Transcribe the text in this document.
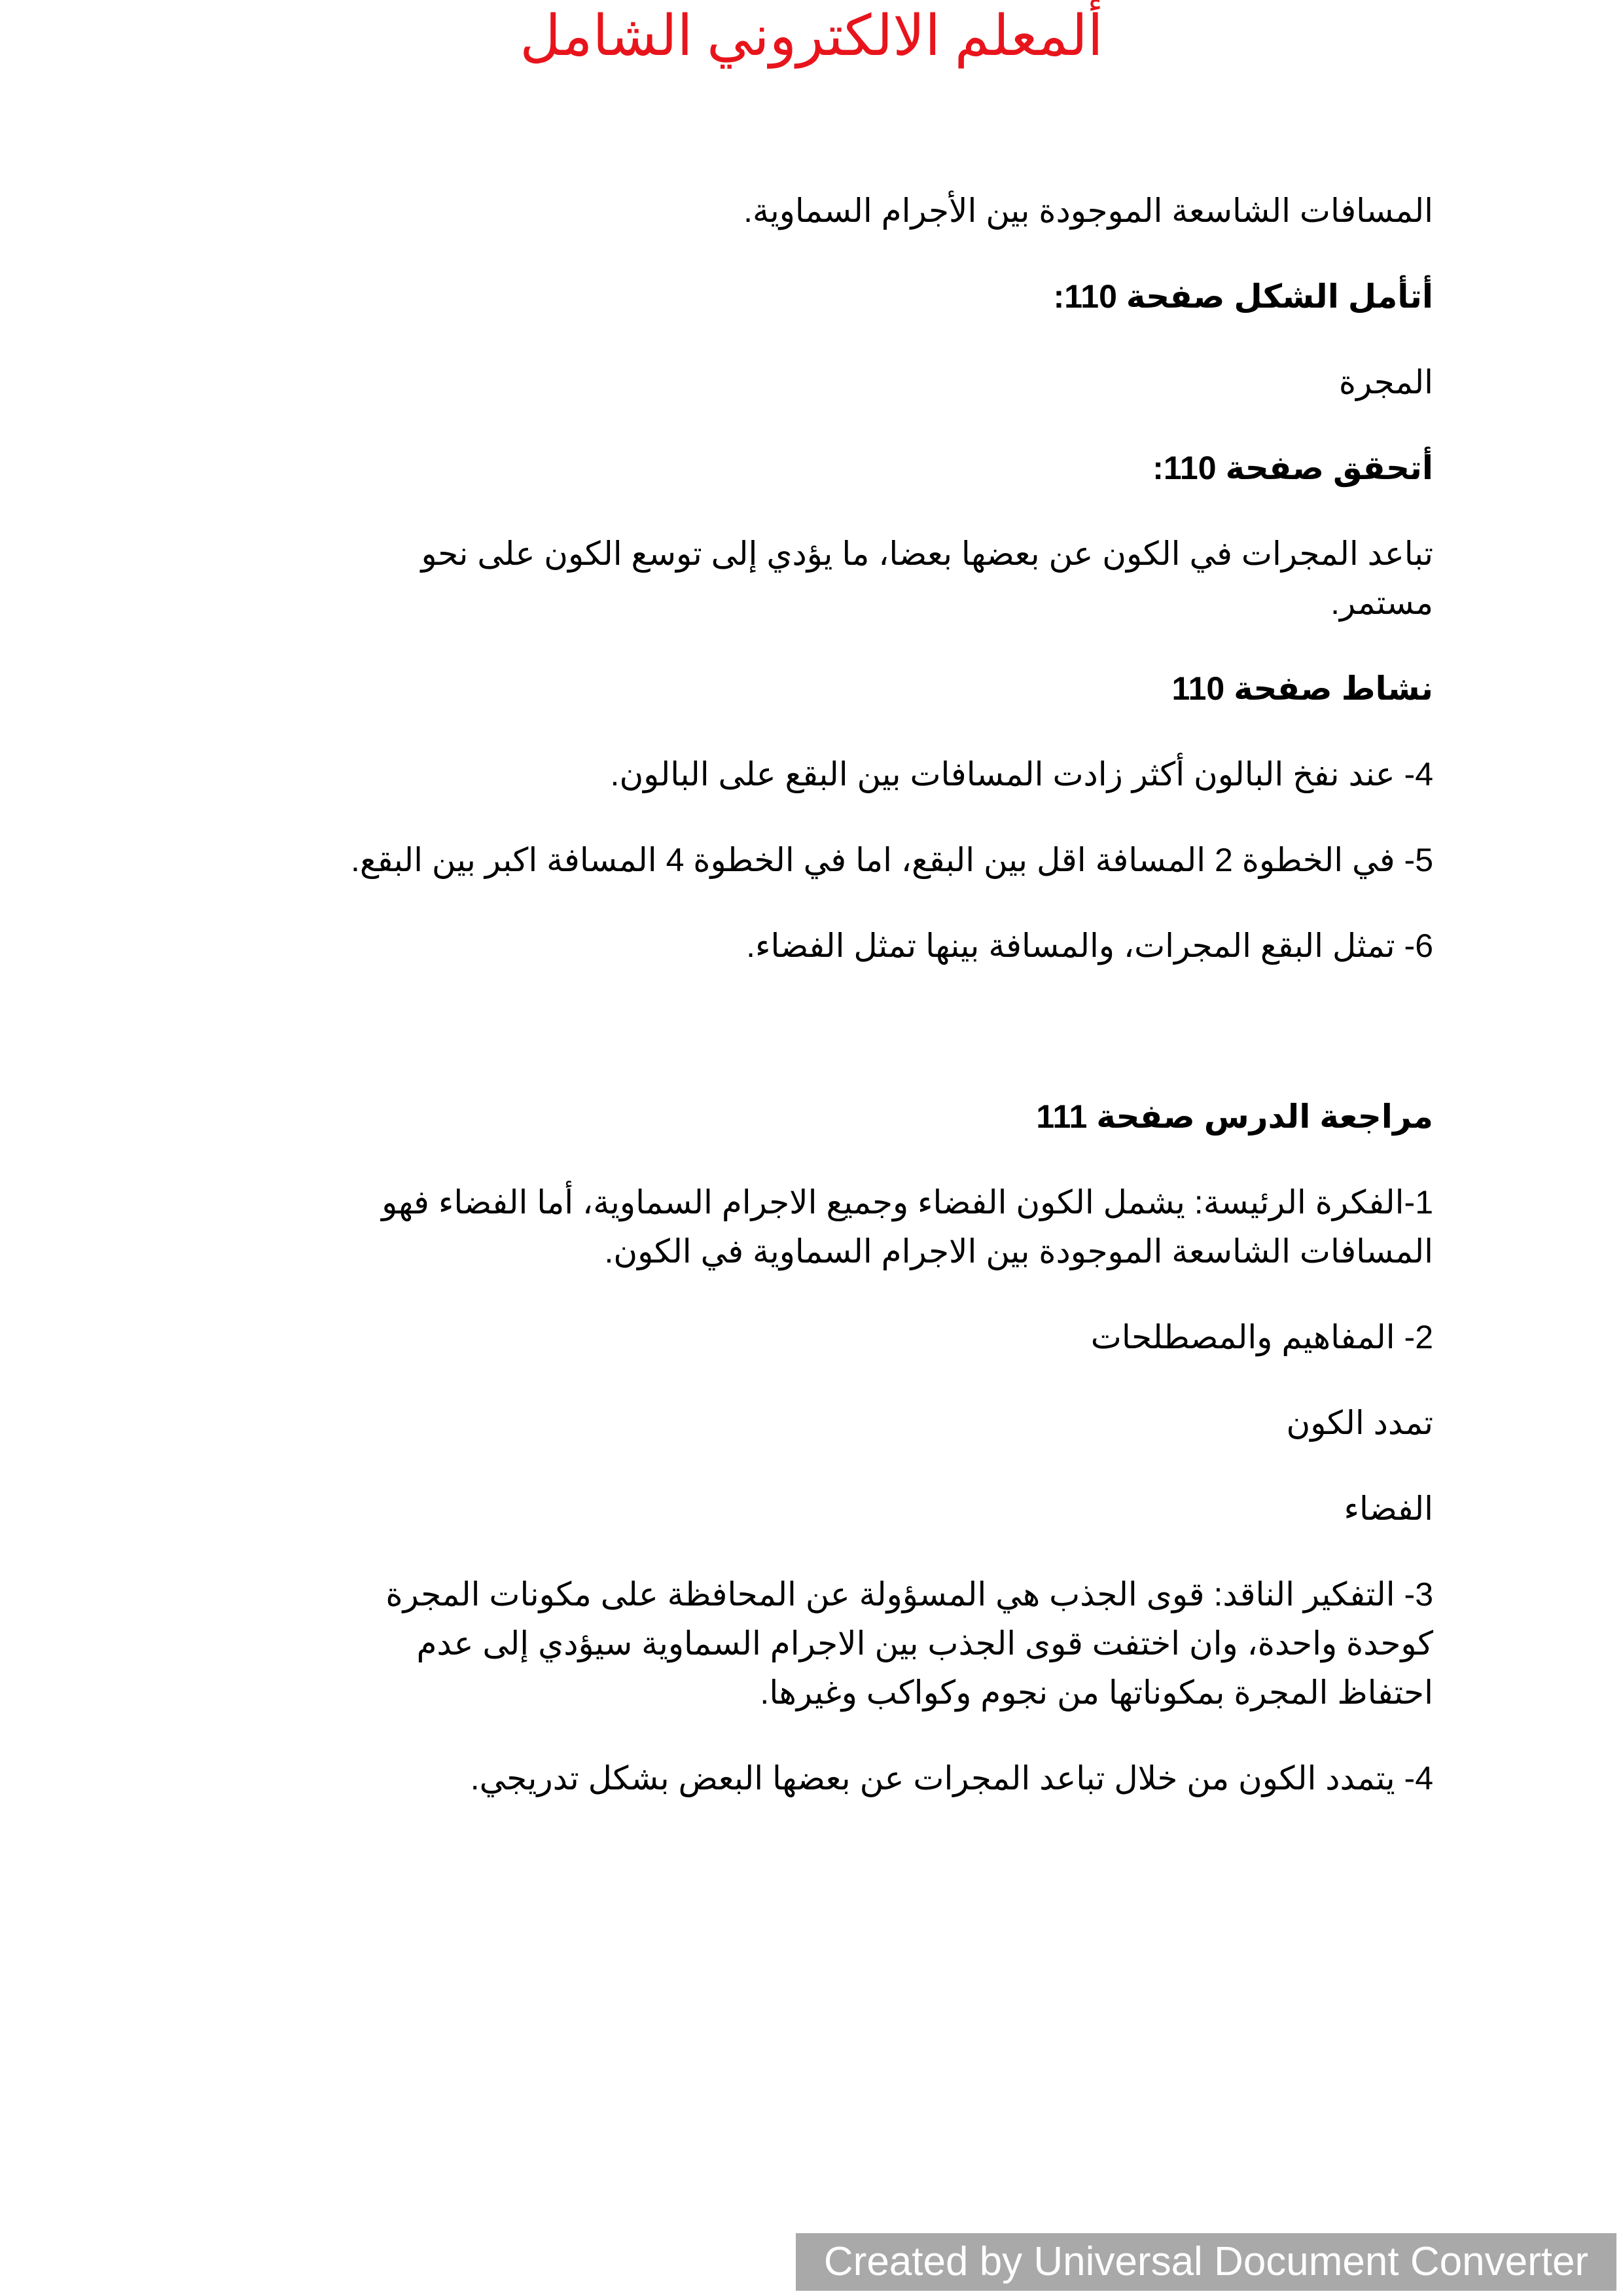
ألمعلم الالكتروني الشامل

المسافات الشاسعة الموجودة بين الأجرام السماوية.

أتأمل الشكل صفحة 110:

المجرة

أتحقق صفحة 110:

تباعد المجرات في الكون عن بعضها بعضا، ما يؤدي إلى توسع الكون على نحو مستمر.

نشاط صفحة 110

4- عند نفخ البالون أكثر زادت المسافات بين البقع على البالون.

5- في الخطوة 2 المسافة اقل بين البقع، اما في الخطوة 4 المسافة اكبر بين البقع.

6- تمثل البقع المجرات، والمسافة بينها تمثل الفضاء.

مراجعة الدرس صفحة 111

1-الفكرة الرئيسة: يشمل الكون الفضاء وجميع الاجرام السماوية، أما الفضاء فهو المسافات الشاسعة الموجودة بين الاجرام السماوية في الكون.

2- المفاهيم والمصطلحات

تمدد الكون

الفضاء

3- التفكير الناقد: قوى الجذب هي المسؤولة عن المحافظة على مكونات المجرة كوحدة واحدة، وان اختفت قوى الجذب بين الاجرام السماوية سيؤدي إلى عدم احتفاظ المجرة بمكوناتها من نجوم وكواكب وغيرها.

4- يتمدد الكون من خلال تباعد المجرات عن بعضها البعض بشكل تدريجي.

Created by Universal Document Converter
